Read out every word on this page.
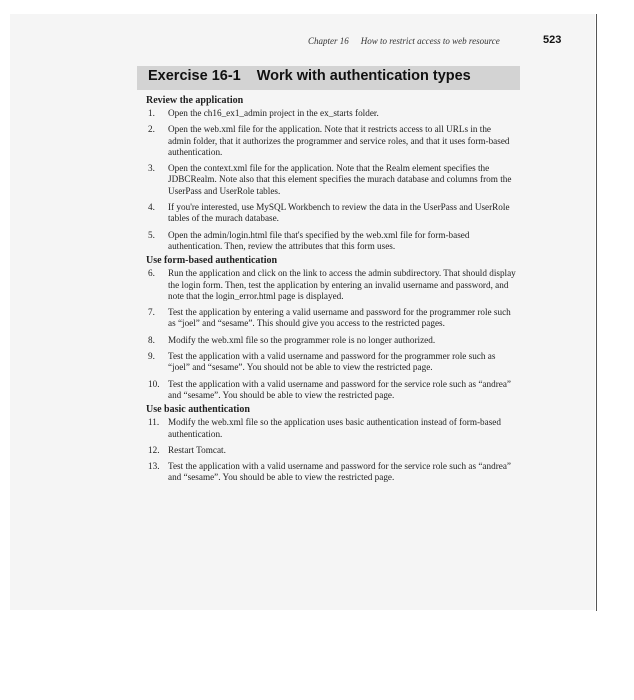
Chapter 16 How to restrict access to web resource	523
Exercise 16-1 Work with authentication types
Review the application
1.	Open the ch16_ex1_admin project in the ex_starts folder.
2.	Open the web.xml file for the application. Note that it restricts access to all URLs in the admin folder, that it authorizes the programmer and service roles, and that it uses form-based authentication.
3.	Open the context.xml file for the application. Note that the Realm element specifies the JDBCRealm. Note also that this element specifies the murach database and columns from the UserPass and UserRole tables.
4.	If you're interested, use MySQL Workbench to review the data in the UserPass and UserRole tables of the murach database.
5.	Open the admin/login.html file that's specified by the web.xml file for form-based authentication. Then, review the attributes that this form uses.
Use form-based authentication
6.	Run the application and click on the link to access the admin subdirectory. That should display the login form. Then, test the application by entering an invalid username and password, and note that the login_error.html page is displayed.
7.	Test the application by entering a valid username and password for the programmer role such as “joel” and “sesame”. This should give you access to the restricted pages.
8.	Modify the web.xml file so the programmer role is no longer authorized.
9.	Test the application with a valid username and password for the programmer role such as “joel” and “sesame”. You should not be able to view the restricted page.
10. Test the application with a valid username and password for the service role such as “andrea” and “sesame”. You should be able to view the restricted page.
Use basic authentication
11. Modify the web.xml file so the application uses basic authentication instead of form-based authentication.
12. Restart Tomcat.
13. Test the application with a valid username and password for the service role such as “andrea” and “sesame”. You should be able to view the restricted page.
